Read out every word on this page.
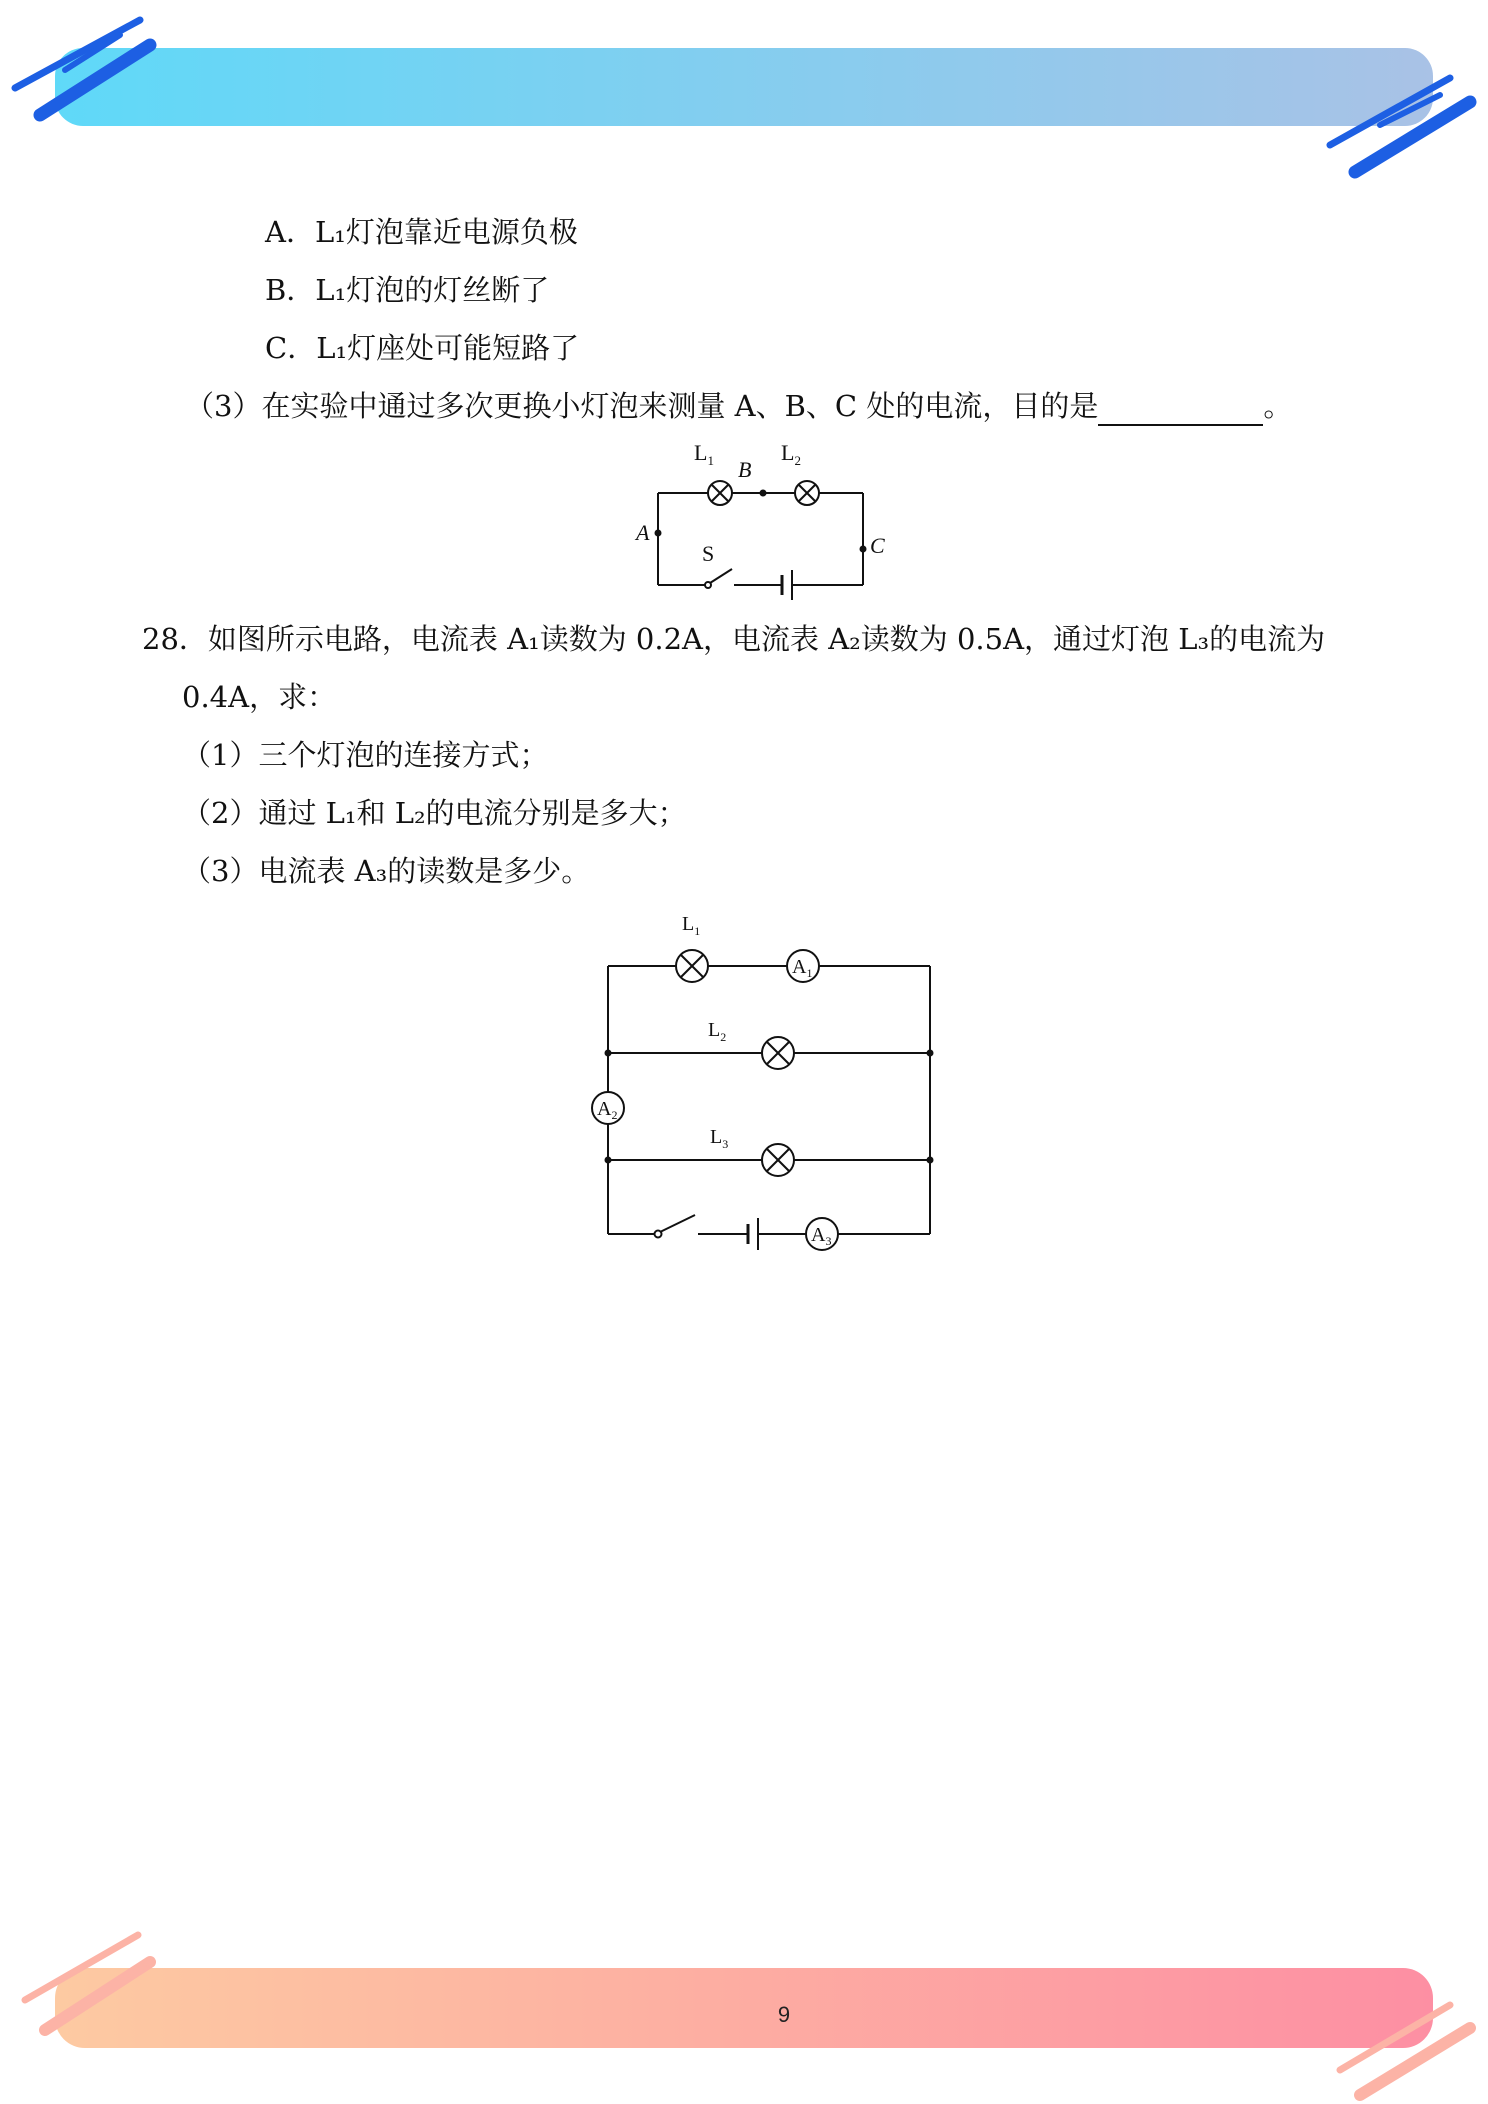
A．L₁灯泡靠近电源负极
B．L₁灯泡的灯丝断了
C．L₁灯座处可能短路了
（3）在实验中通过多次更换小灯泡来测量 A、B、C 处的电流，目的是	。
$L_1$	$L_2$
B
A
C
S
28．如图所示电路，电流表 A₁读数为 0.2A，电流表 A₂读数为 0.5A，通过灯泡 L₃的电流为
0.4A，求：
（1）三个灯泡的连接方式；
（2）通过 L₁和 L₂的电流分别是多大；
（3）电流表 A₃的读数是多少。
$L_1$
$A_1$
$L_2$
$A_2$
$L_3$
$A_3$
9
